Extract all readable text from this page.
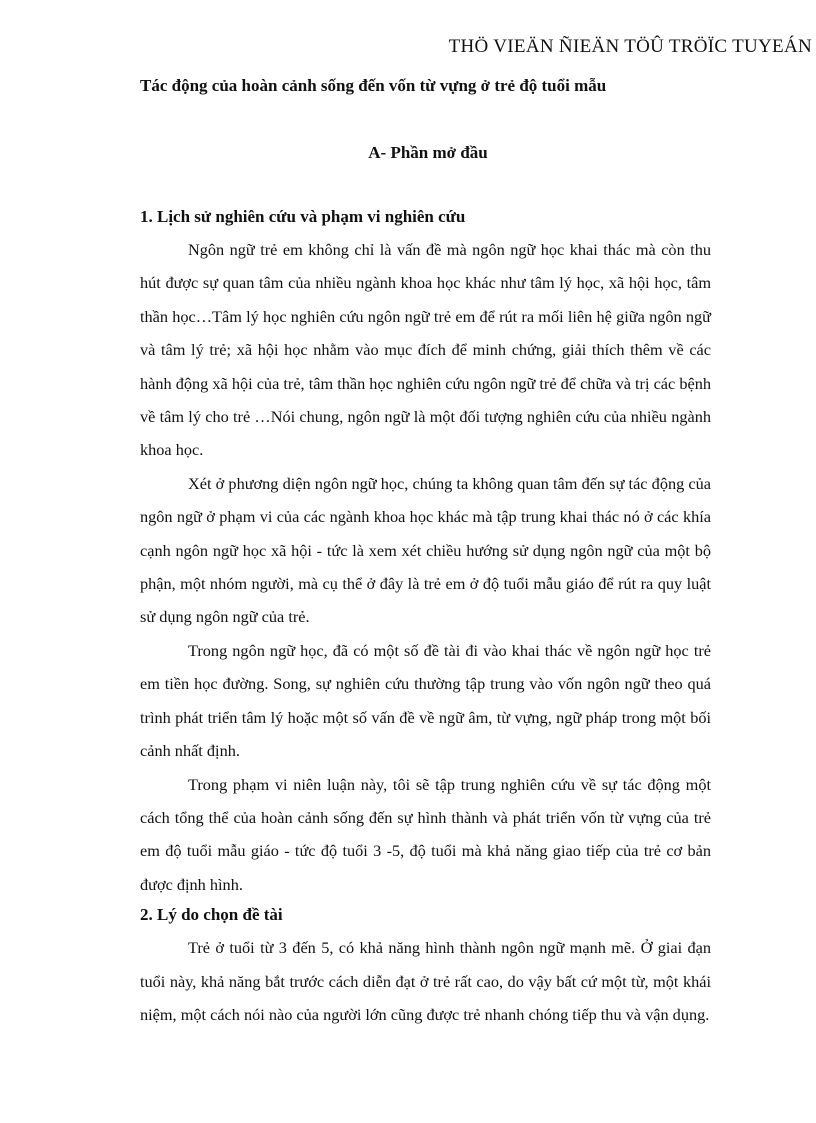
THÖ VIEÄN ÑIEÄN TÖÛ TRÖÏC TUYEÁN
Tác động của hoàn cảnh sống đến vốn từ vựng ở trẻ độ tuổi mẫu
A- Phần mở đầu
1. Lịch sử nghiên cứu và phạm vi nghiên cứu

Ngôn ngữ trẻ em không chỉ là vấn đề mà ngôn ngữ học khai thác mà còn thu hút được sự quan tâm của nhiều ngành khoa học khác như tâm lý học, xã hội học, tâm thần học…Tâm lý học nghiên cứu ngôn ngữ trẻ em để rút ra mối liên hệ giữa ngôn ngữ và tâm lý trẻ; xã hội học nhằm vào mục đích để minh chứng, giải thích thêm về các hành động xã hội của trẻ, tâm thần học nghiên cứu ngôn ngữ trẻ để chữa và trị các bệnh về tâm lý cho trẻ …Nói chung, ngôn ngữ là một đối tượng nghiên cứu của nhiều ngành khoa học.

Xét ở phương diện ngôn ngữ học, chúng ta không quan tâm đến sự tác động của ngôn ngữ ở phạm vi của các ngành khoa học khác mà tập trung khai thác nó ở các khía cạnh ngôn ngữ học xã hội - tức là xem xét chiều hướng sử dụng ngôn ngữ của một bộ phận, một nhóm người, mà cụ thể ở đây là trẻ em ở độ tuổi mẫu giáo để rút ra quy luật sử dụng ngôn ngữ của trẻ.

Trong ngôn ngữ học, đã có một số đề tài đi vào khai thác về ngôn ngữ học trẻ em tiền học đường. Song, sự nghiên cứu thường tập trung vào vốn ngôn ngữ theo quá trình phát triển tâm lý hoặc một số vấn đề về ngữ âm, từ vựng, ngữ pháp trong một bối cảnh nhất định.

Trong phạm vi niên luận này, tôi sẽ tập trung nghiên cứu về sự tác động một cách tổng thể của hoàn cảnh sống đến sự hình thành và phát triển vốn từ vựng của trẻ em độ tuổi mẫu giáo - tức độ tuổi 3 -5, độ tuổi mà khả năng giao tiếp của trẻ cơ bản được định hình.

2. Lý do chọn đề tài

Trẻ ở tuổi từ 3 đến 5, có khả năng hình thành ngôn ngữ mạnh mẽ. Ở giai đạn tuổi này, khả năng bắt trước cách diễn đạt ở trẻ rất cao, do vậy bất cứ một từ, một khái niệm, một cách nói nào của người lớn cũng được trẻ nhanh chóng tiếp thu và vận dụng.
